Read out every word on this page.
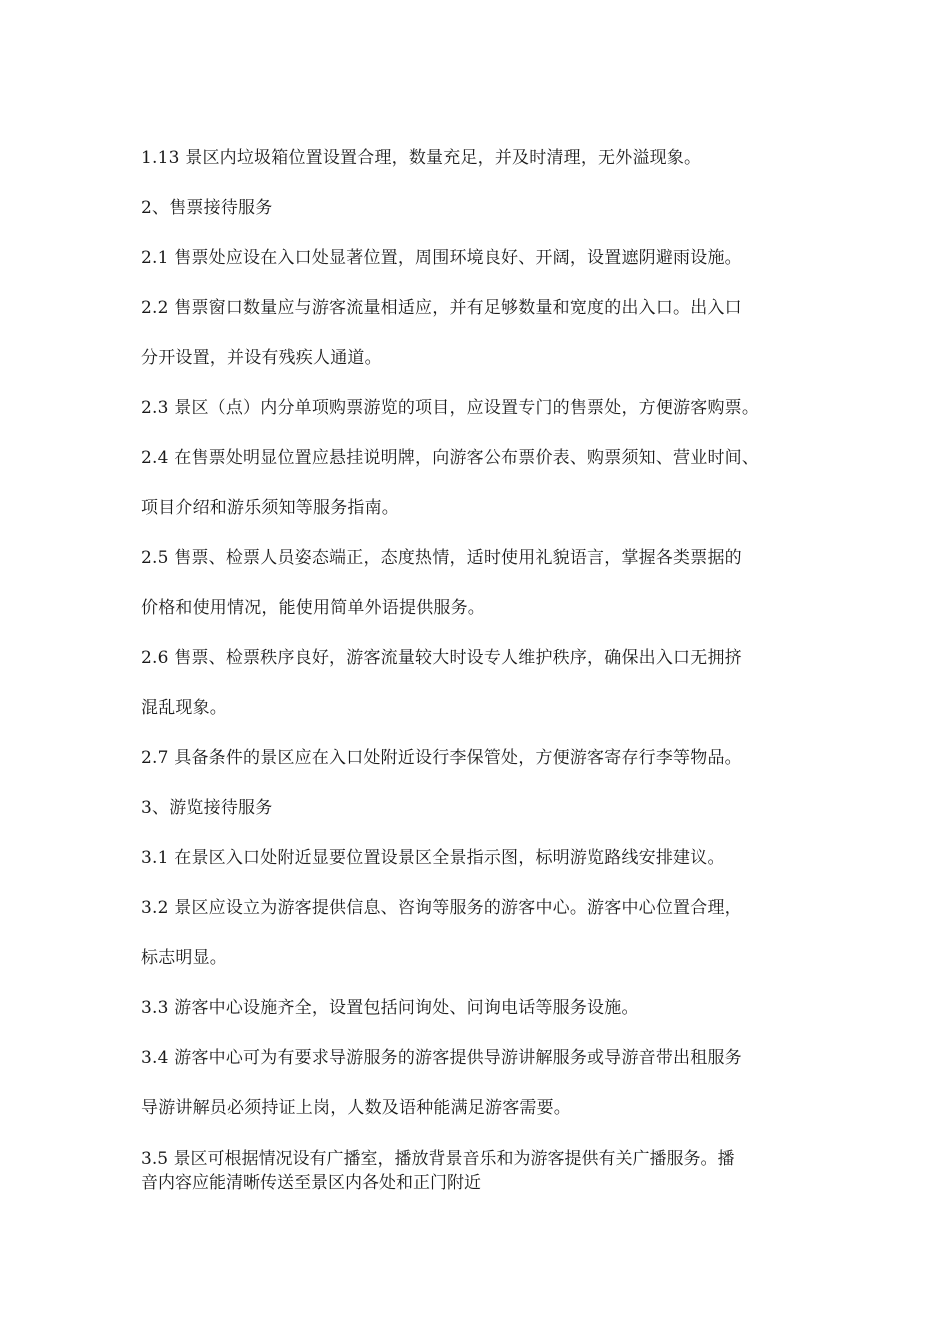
1.13 景区内垃圾箱位置设置合理，数量充足，并及时清理，无外溢现象。
2、售票接待服务
2.1 售票处应设在入口处显著位置，周围环境良好、开阔，设置遮阴避雨设施。
2.2 售票窗口数量应与游客流量相适应，并有足够数量和宽度的出入口。出入口
分开设置，并设有残疾人通道。
2.3 景区（点）内分单项购票游览的项目，应设置专门的售票处，方便游客购票。
2.4 在售票处明显位置应悬挂说明牌，向游客公布票价表、购票须知、营业时间、
项目介绍和游乐须知等服务指南。
2.5 售票、检票人员姿态端正，态度热情，适时使用礼貌语言，掌握各类票据的
价格和使用情况，能使用简单外语提供服务。
2.6 售票、检票秩序良好，游客流量较大时设专人维护秩序，确保出入口无拥挤
混乱现象。
2.7 具备条件的景区应在入口处附近设行李保管处，方便游客寄存行李等物品。
3、游览接待服务
3.1 在景区入口处附近显要位置设景区全景指示图，标明游览路线安排建议。
3.2 景区应设立为游客提供信息、咨询等服务的游客中心。游客中心位置合理，
标志明显。
3.3 游客中心设施齐全，设置包括问询处、问询电话等服务设施。
3.4 游客中心可为有要求导游服务的游客提供导游讲解服务或导游音带出租服务
导游讲解员必须持证上岗，人数及语种能满足游客需要。
3.5 景区可根据情况设有广播室，播放背景音乐和为游客提供有关广播服务。播
音内容应能清晰传送至景区内各处和正门附近
